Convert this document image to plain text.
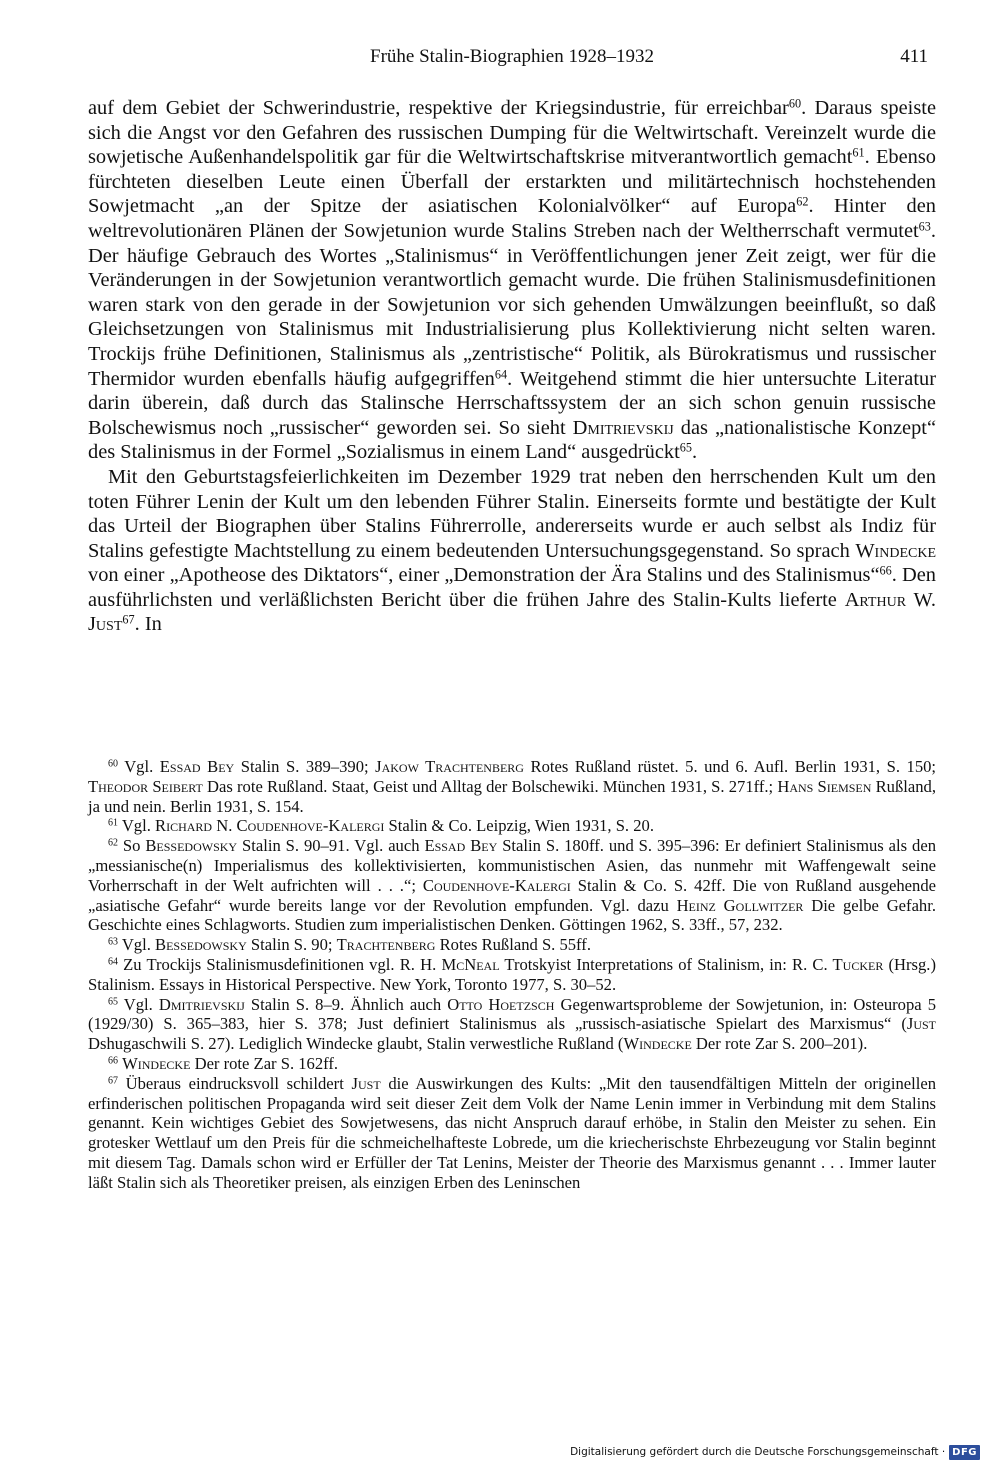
Frühe Stalin-Biographien 1928–1932	411

auf dem Gebiet der Schwerindustrie, respektive der Kriegsindustrie, für erreichbar$^{60}$. Daraus speiste sich die Angst vor den Gefahren des russischen Dumping für die Weltwirtschaft. Vereinzelt wurde die sowjetische Außenhandelspolitik gar für die Weltwirtschaftskrise mitverantwortlich gemacht$^{61}$. Ebenso fürchteten dieselben Leute einen Überfall der erstarkten und militärtechnisch hochstehenden Sowjetmacht „an der Spitze der asiatischen Kolonialvölker“ auf Europa$^{62}$. Hinter den weltrevolutionären Plänen der Sowjetunion wurde Stalins Streben nach der Weltherrschaft vermutet$^{63}$. Der häufige Gebrauch des Wortes „Stalinismus“ in Veröffentlichungen jener Zeit zeigt, wer für die Veränderungen in der Sowjetunion verantwortlich gemacht wurde. Die frühen Stalinismusdefinitionen waren stark von den gerade in der Sowjetunion vor sich gehenden Umwälzungen beeinflußt, so daß Gleichsetzungen von Stalinismus mit Industrialisierung plus Kollektivierung nicht selten waren. Trockijs frühe Definitionen, Stalinismus als „zentristische“ Politik, als Bürokratismus und russischer Thermidor wurden ebenfalls häufig aufgegriffen$^{64}$. Weitgehend stimmt die hier untersuchte Literatur darin überein, daß durch das Stalinsche Herrschaftssystem der an sich schon genuin russische Bolschewismus noch „russischer“ geworden sei. So sieht Dmitrievskij das „nationalistische Konzept“ des Stalinismus in der Formel „Sozialismus in einem Land“ ausgedrückt$^{65}$.

Mit den Geburtstagsfeierlichkeiten im Dezember 1929 trat neben den herrschenden Kult um den toten Führer Lenin der Kult um den lebenden Führer Stalin. Einerseits formte und bestätigte der Kult das Urteil der Biographen über Stalins Führerrolle, andererseits wurde er auch selbst als Indiz für Stalins gefestigte Machtstellung zu einem bedeutenden Untersuchungsgegenstand. So sprach Windecke von einer „Apotheose des Diktators“, einer „Demonstration der Ära Stalins und des Stalinismus“$^{66}$. Den ausführlichsten und verläßlichsten Bericht über die frühen Jahre des Stalin-Kults lieferte Arthur W. Just$^{67}$. In

$^{60}$ Vgl. Essad Bey Stalin S. 389–390; Jakow Trachtenberg Rotes Rußland rüstet. 5. und 6. Aufl. Berlin 1931, S. 150; Theodor Seibert Das rote Rußland. Staat, Geist und Alltag der Bolschewiki. München 1931, S. 271ff.; Hans Siemsen Rußland, ja und nein. Berlin 1931, S. 154.

$^{61}$ Vgl. Richard N. Coudenhove-Kalergi Stalin & Co. Leipzig, Wien 1931, S. 20.

$^{62}$ So Bessedowsky Stalin S. 90–91. Vgl. auch Essad Bey Stalin S. 180ff. und S. 395–396: Er definiert Stalinismus als den „messianische(n) Imperialismus des kollektivisierten, kommunistischen Asien, das nunmehr mit Waffengewalt seine Vorherrschaft in der Welt aufrichten will . . .“; Coudenhove-Kalergi Stalin & Co. S. 42ff. Die von Rußland ausgehende „asiatische Gefahr“ wurde bereits lange vor der Revolution empfunden. Vgl. dazu Heinz Gollwitzer Die gelbe Gefahr. Geschichte eines Schlagworts. Studien zum imperialistischen Denken. Göttingen 1962, S. 33ff., 57, 232.

$^{63}$ Vgl. Bessedowsky Stalin S. 90; Trachtenberg Rotes Rußland S. 55ff.

$^{64}$ Zu Trockijs Stalinismusdefinitionen vgl. R. H. McNeal Trotskyist Interpretations of Stalinism, in: R. C. Tucker (Hrsg.) Stalinism. Essays in Historical Perspective. New York, Toronto 1977, S. 30–52.

$^{65}$ Vgl. Dmitrievskij Stalin S. 8–9. Ähnlich auch Otto Hoetzsch Gegenwartsprobleme der Sowjetunion, in: Osteuropa 5 (1929/30) S. 365–383, hier S. 378; Just definiert Stalinismus als „russisch-asiatische Spielart des Marxismus“ (Just Dshugaschwili S. 27). Lediglich Windecke glaubt, Stalin verwestliche Rußland (Windecke Der rote Zar S. 200–201).

$^{66}$ Windecke Der rote Zar S. 162ff.

$^{67}$ Überaus eindrucksvoll schildert Just die Auswirkungen des Kults: „Mit den tausendfältigen Mitteln der originellen erfinderischen politischen Propaganda wird seit dieser Zeit dem Volk der Name Lenin immer in Verbindung mit dem Stalins genannt. Kein wichtiges Gebiet des Sowjetwesens, das nicht Anspruch darauf erhöbe, in Stalin den Meister zu sehen. Ein grotesker Wettlauf um den Preis für die schmeichelhafteste Lobrede, um die kriecherischste Ehrbezeugung vor Stalin beginnt mit diesem Tag. Damals schon wird er Erfüller der Tat Lenins, Meister der Theorie des Marxismus genannt . . . Immer lauter läßt Stalin sich als Theoretiker preisen, als einzigen Erben des Leninschen

Digitalisierung gefördert durch die Deutsche Forschungsgemeinschaft · DFG
